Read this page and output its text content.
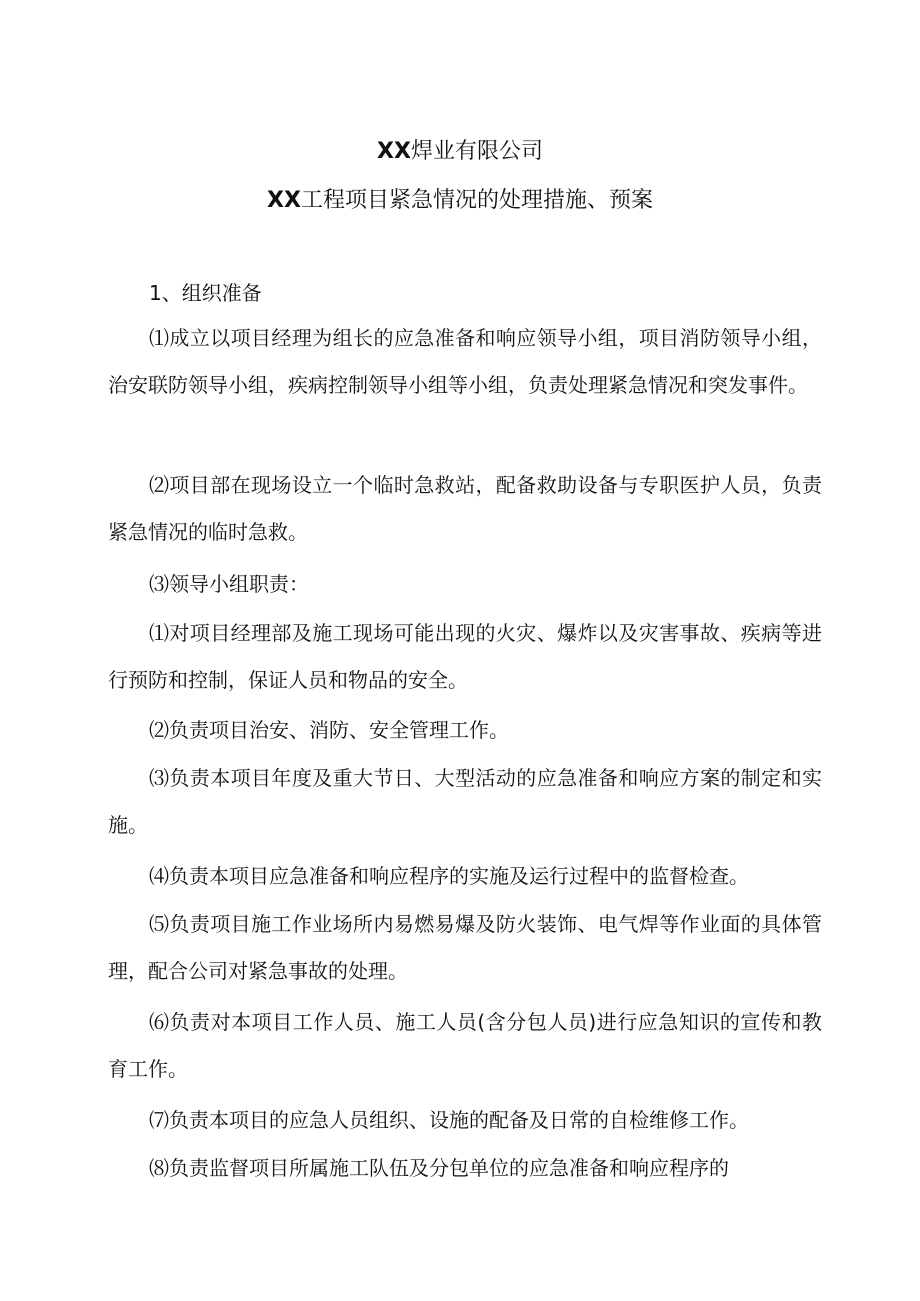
XX焊业有限公司
XX工程项目紧急情况的处理措施、预案
1、组织准备

⑴成立以项目经理为组长的应急准备和响应领导小组，项目消防领导小组，治安联防领导小组，疾病控制领导小组等小组，负责处理紧急情况和突发事件。

⑵项目部在现场设立一个临时急救站，配备救助设备与专职医护人员，负责紧急情况的临时急救。

⑶领导小组职责：

⑴对项目经理部及施工现场可能出现的火灾、爆炸以及灾害事故、疾病等进行预防和控制，保证人员和物品的安全。

⑵负责项目治安、消防、安全管理工作。

⑶负责本项目年度及重大节日、大型活动的应急准备和响应方案的制定和实施。

⑷负责本项目应急准备和响应程序的实施及运行过程中的监督检查。

⑸负责项目施工作业场所内易燃易爆及防火装饰、电气焊等作业面的具体管理，配合公司对紧急事故的处理。

⑹负责对本项目工作人员、施工人员(含分包人员)进行应急知识的宣传和教育工作。

⑺负责本项目的应急人员组织、设施的配备及日常的自检维修工作。

⑻负责监督项目所属施工队伍及分包单位的应急准备和响应程序的
